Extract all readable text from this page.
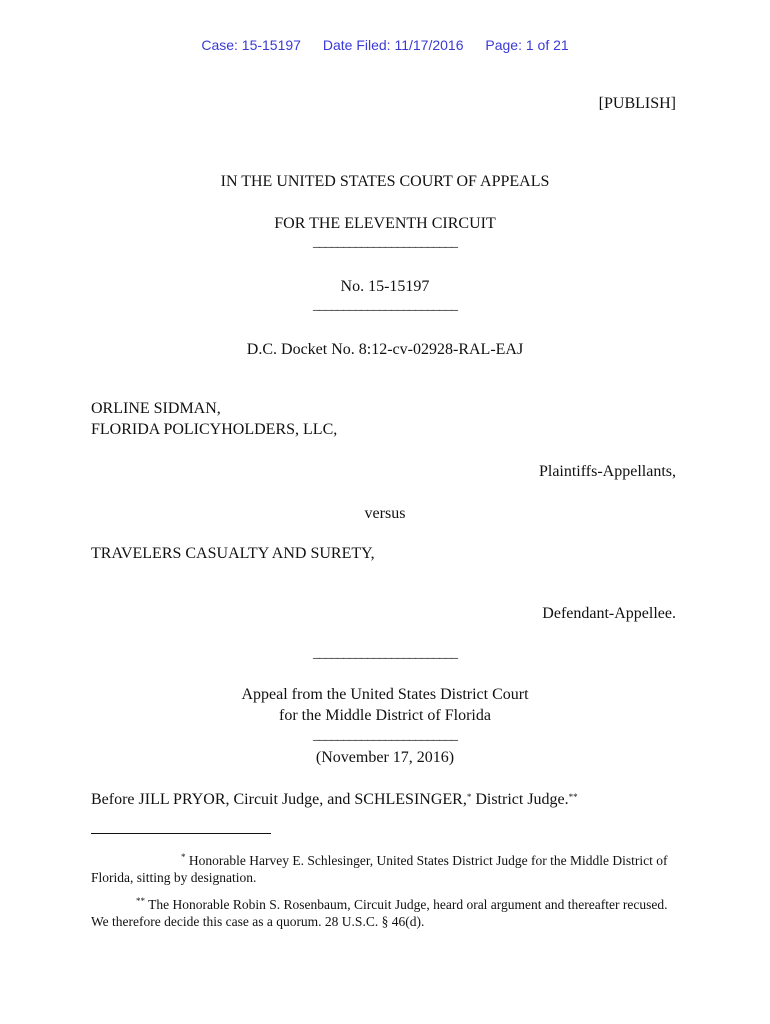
Case: 15-15197 Date Filed: 11/17/2016 Page: 1 of 21
[PUBLISH]
IN THE UNITED STATES COURT OF APPEALS
FOR THE ELEVENTH CIRCUIT
________________________
No. 15-15197
________________________
D.C. Docket No. 8:12-cv-02928-RAL-EAJ
ORLINE SIDMAN,
FLORIDA POLICYHOLDERS, LLC,
Plaintiffs-Appellants,
versus
TRAVELERS CASUALTY AND SURETY,
Defendant-Appellee.
________________________
Appeal from the United States District Court
for the Middle District of Florida
________________________
(November 17, 2016)
Before JILL PRYOR, Circuit Judge, and SCHLESINGER,* District Judge.**
* Honorable Harvey E. Schlesinger, United States District Judge for the Middle District of Florida, sitting by designation.
** The Honorable Robin S. Rosenbaum, Circuit Judge, heard oral argument and thereafter recused. We therefore decide this case as a quorum. 28 U.S.C. § 46(d).
